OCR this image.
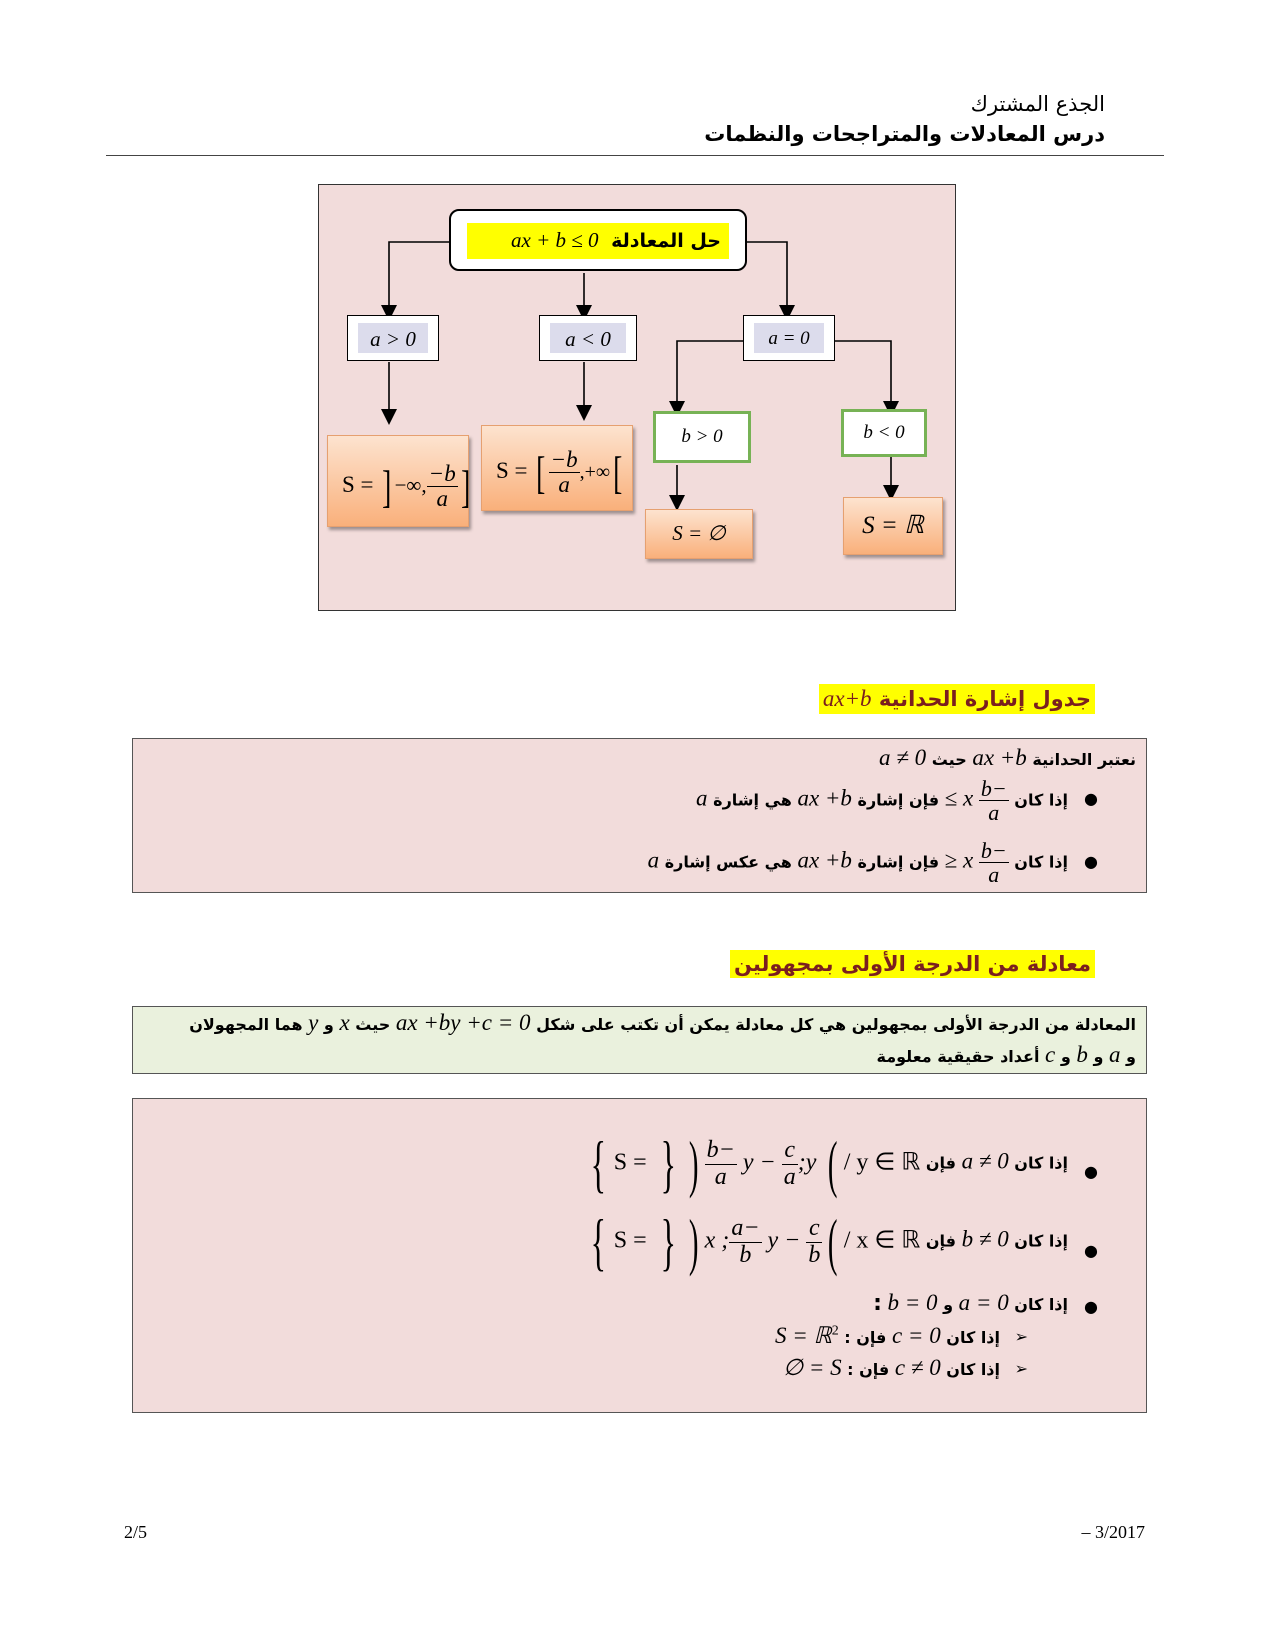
الجذع المشترك
درس المعادلات والمتراجحات والنظمات
حل المعادلة
ax + b ≤ 0
a > 0	a < 0	a = 0
b > 0	b < 0
S = ] −∞, $\frac{-b}{a}$ ] S = [ $\frac{-b}{a}$ ,+∞[
S = ∅	S = ℝ
جدول إشارة الحدانية ax+b
نعتبر الحدانية ax +b حيث a ≠ 0
●
إذا كان
$\frac{-b}{a}$
x ≥ فإن إشارة ax +b هي إشارة a
●
إذا كان
$\frac{-b}{a}$
x ≤ فإن إشارة ax +b هي عكس إشارة a
معادلة من الدرجة الأولى بمجهولين
المعادلة من الدرجة الأولى بمجهولين هي كل معادلة يمكن أن تكتب على شكل ax +by +c = 0 حيث x و y هما المجهولان
و a و b و c أعداد حقيقية معلومة
●
إذا كان a ≠ 0 فإن S = { ( $\frac{-b}{a}$ $y - \frac{c}{a}$ ;y ) / y ∈ ℝ}
●
إذا كان b ≠ 0 فإن S = { ( x ; $\frac{-a}{b}$ $y - \frac{c}{b}$ ) / x ∈ ℝ}
●
إذا كان a = 0 و b = 0 :
➢
إذا كان c = 0 فإن : S = ℝ$^2$
➢
إذا كان c ≠ 0 فإن : S = ∅
2/5	– 3/2017
